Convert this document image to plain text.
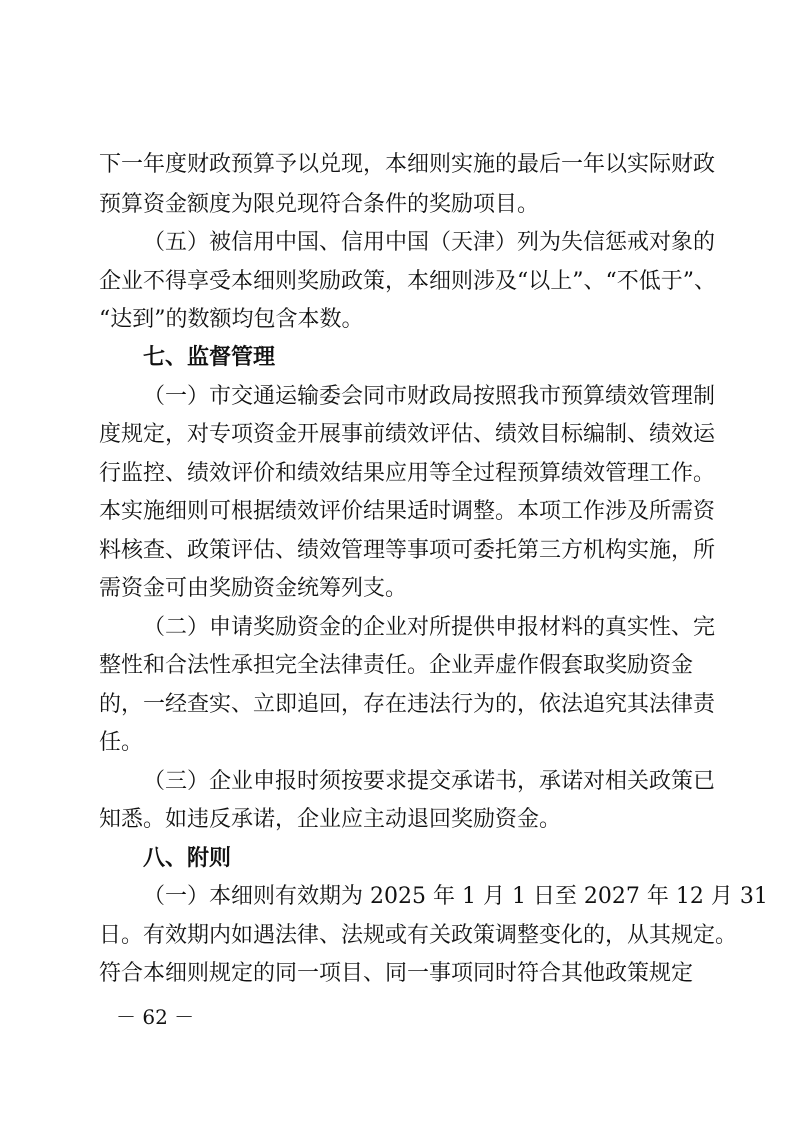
下一年度财政预算予以兑现，本细则实施的最后一年以实际财政
预算资金额度为限兑现符合条件的奖励项目。
（五）被信用中国、信用中国（天津）列为失信惩戒对象的
企业不得享受本细则奖励政策，本细则涉及“以上”、“不低于”、
“达到”的数额均包含本数。
七、监督管理
（一）市交通运输委会同市财政局按照我市预算绩效管理制
度规定，对专项资金开展事前绩效评估、绩效目标编制、绩效运
行监控、绩效评价和绩效结果应用等全过程预算绩效管理工作。
本实施细则可根据绩效评价结果适时调整。本项工作涉及所需资
料核查、政策评估、绩效管理等事项可委托第三方机构实施，所
需资金可由奖励资金统筹列支。
（二）申请奖励资金的企业对所提供申报材料的真实性、完
整性和合法性承担完全法律责任。企业弄虚作假套取奖励资金
的，一经查实、立即追回，存在违法行为的，依法追究其法律责
任。
（三）企业申报时须按要求提交承诺书，承诺对相关政策已
知悉。如违反承诺，企业应主动退回奖励资金。
八、附则
（一）本细则有效期为 2025 年 1 月 1 日至 2027 年 12 月 31
日。有效期内如遇法律、法规或有关政策调整变化的，从其规定。
符合本细则规定的同一项目、同一事项同时符合其他政策规定
－ 62 －
